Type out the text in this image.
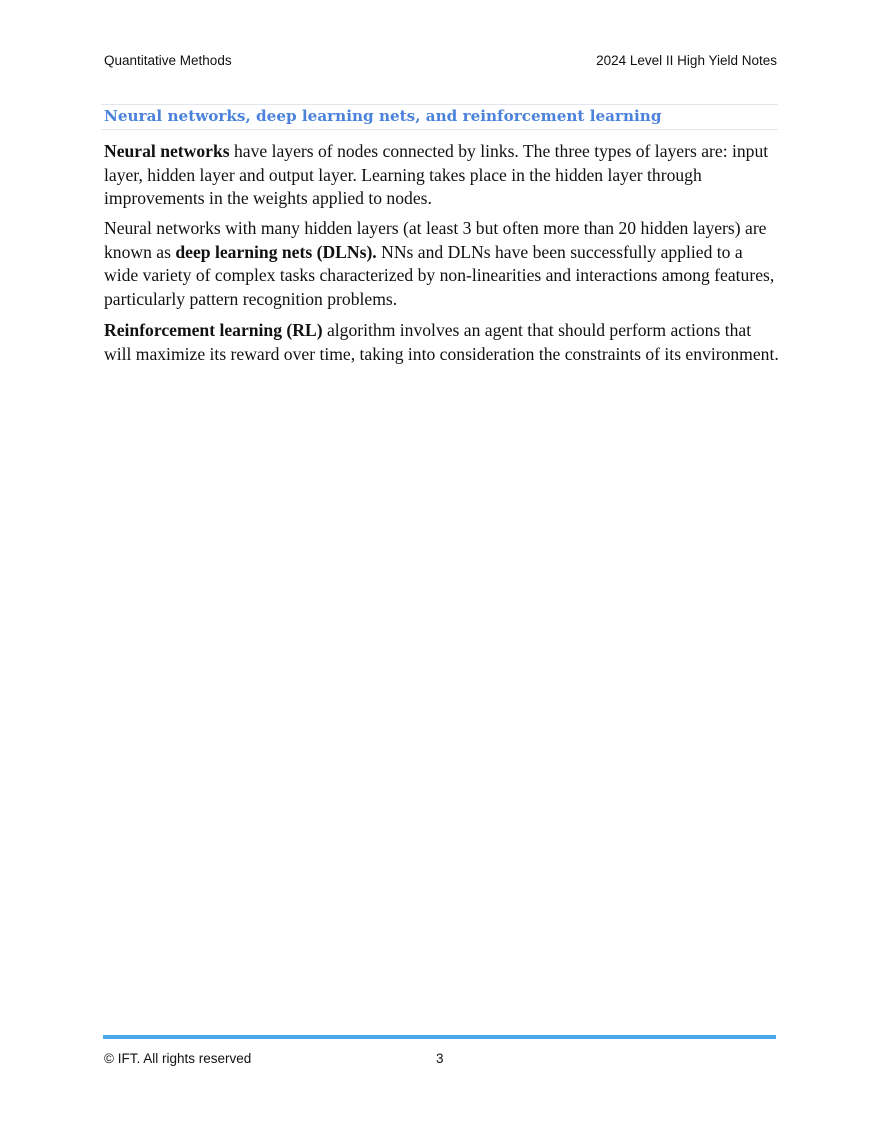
Quantitative Methods	2024 Level II High Yield Notes
Neural networks, deep learning nets, and reinforcement learning

Neural networks have layers of nodes connected by links. The three types of layers are: input layer, hidden layer and output layer. Learning takes place in the hidden layer through improvements in the weights applied to nodes.

Neural networks with many hidden layers (at least 3 but often more than 20 hidden layers) are known as deep learning nets (DLNs). NNs and DLNs have been successfully applied to a wide variety of complex tasks characterized by non-linearities and interactions among features, particularly pattern recognition problems.

Reinforcement learning (RL) algorithm involves an agent that should perform actions that will maximize its reward over time, taking into consideration the constraints of its environment.

© IFT. All rights reserved	3
